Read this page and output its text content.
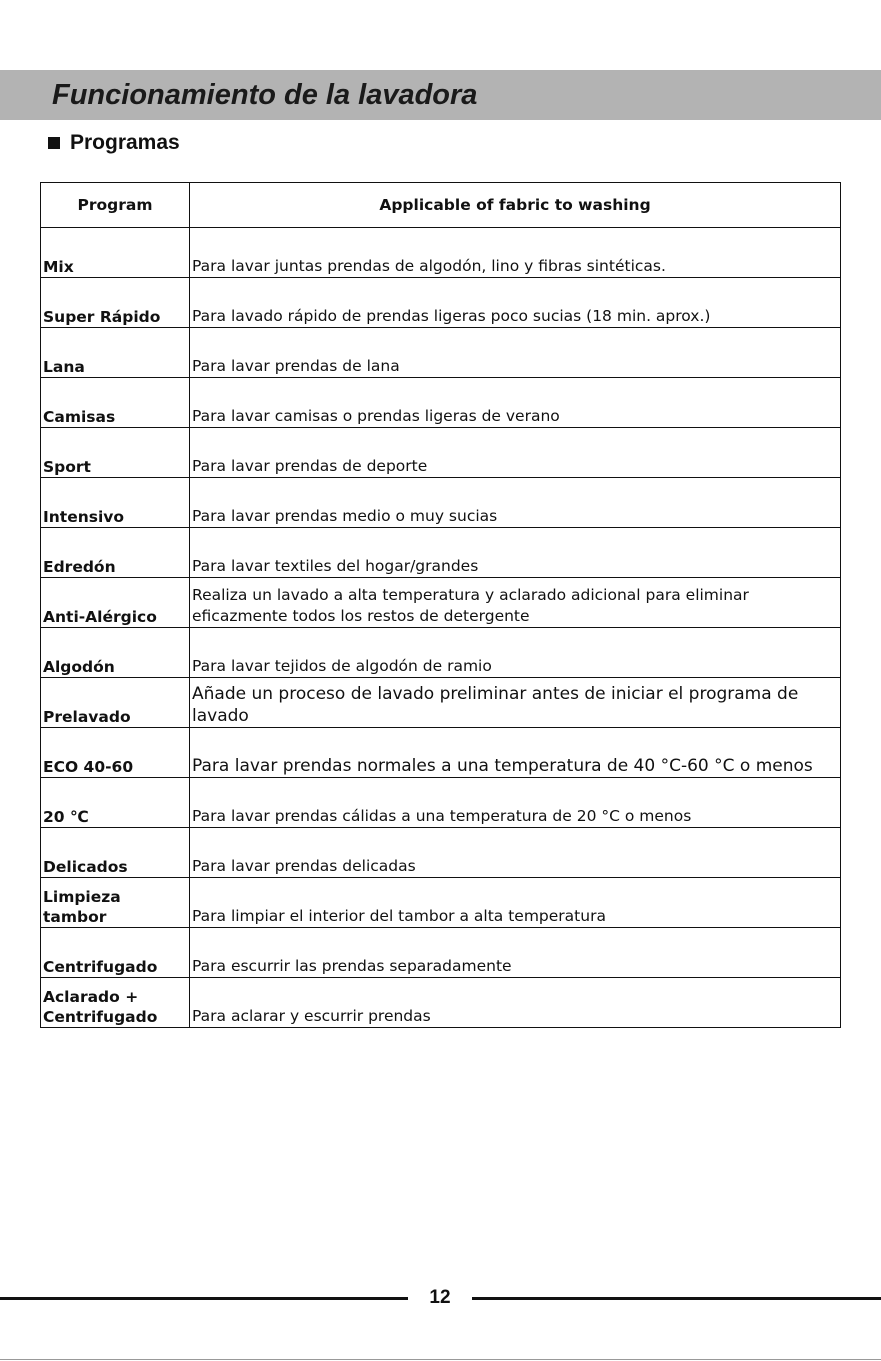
Funcionamiento de la lavadora
Programas
Program	Applicable of fabric to washing
Mix	Para lavar juntas prendas de algodón, lino y fibras sintéticas.
Super Rápido	Para lavado rápido de prendas ligeras poco sucias (18 min. aprox.)
Lana	Para lavar prendas de lana
Camisas	Para lavar camisas o prendas ligeras de verano
Sport	Para lavar prendas de deporte
Intensivo	Para lavar prendas medio o muy sucias
Edredón	Para lavar textiles del hogar/grandes
Anti-Alérgico	Realiza un lavado a alta temperatura y aclarado adicional para eliminar eficazmente todos los restos de detergente
Algodón	Para lavar tejidos de algodón de ramio
Prelavado	Añade un proceso de lavado preliminar antes de iniciar el programa de lavado
ECO 40-60	Para lavar prendas normales a una temperatura de 40 °C-60 °C o menos
20 ℃	Para lavar prendas cálidas a una temperatura de 20 °C o menos
Delicados	Para lavar prendas delicadas
Limpieza tambor	Para limpiar el interior del tambor a alta temperatura
Centrifugado	Para escurrir las prendas separadamente
Aclarado + Centrifugado	Para aclarar y escurrir prendas
12
